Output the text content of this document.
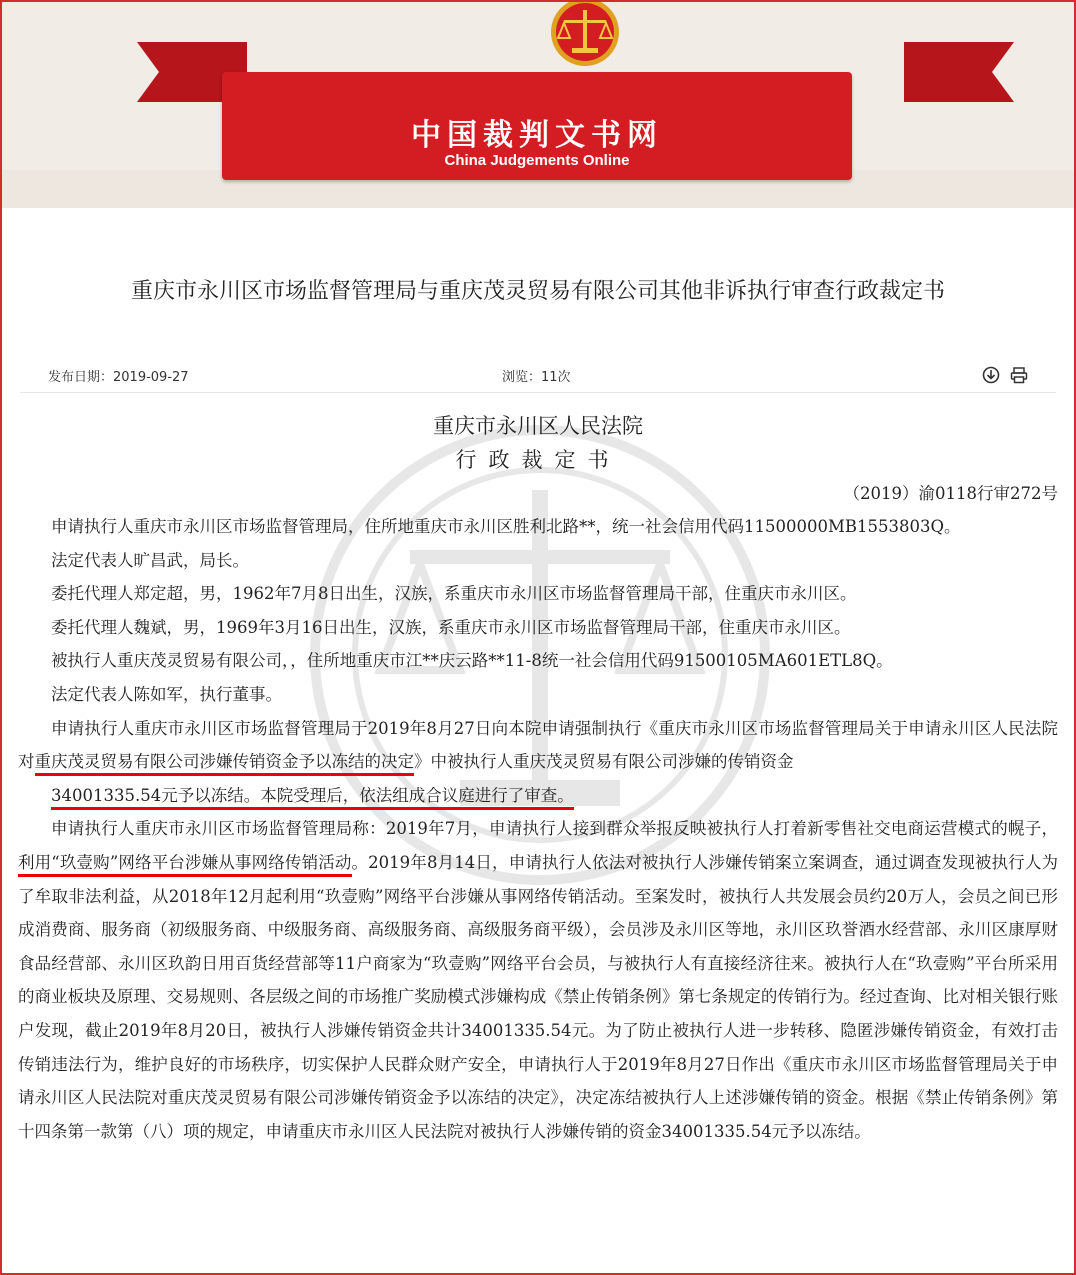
中国裁判文书网
China Judgements Online
重庆市永川区市场监督管理局与重庆茂灵贸易有限公司其他非诉执行审查行政裁定书
发布日期：2019-09-27	浏览：11次
重庆市永川区人民法院
行政裁定书
（2019）渝0118行审272号

申请执行人重庆市永川区市场监督管理局，住所地重庆市永川区胜利北路**，统一社会信用代码11500000MB1553803Q。

法定代表人旷昌武，局长。

委托代理人郑定超，男，1962年7月8日出生，汉族，系重庆市永川区市场监督管理局干部，住重庆市永川区。

委托代理人魏斌，男，1969年3月16日出生，汉族，系重庆市永川区市场监督管理局干部，住重庆市永川区。

被执行人重庆茂灵贸易有限公司，，住所地重庆市江**庆云路**11-8统一社会信用代码91500105MA601ETL8Q。

法定代表人陈如军，执行董事。

申请执行人重庆市永川区市场监督管理局于2019年8月27日向本院申请强制执行《重庆市永川区市场监督管理局关于申请永川区人民法院对重庆茂灵贸易有限公司涉嫌传销资金予以冻结的决定》中被执行人重庆茂灵贸易有限公司涉嫌的传销资金

34001335.54元予以冻结。本院受理后，依法组成合议庭进行了审查。

申请执行人重庆市永川区市场监督管理局称：2019年7月，申请执行人接到群众举报反映被执行人打着新零售社交电商运营模式的幌子，利用“玖壹购”网络平台涉嫌从事网络传销活动。2019年8月14日，申请执行人依法对被执行人涉嫌传销案立案调查，通过调查发现被执行人为了牟取非法利益，从2018年12月起利用“玖壹购”网络平台涉嫌从事网络传销活动。至案发时，被执行人共发展会员约20万人，会员之间已形成消费商、服务商（初级服务商、中级服务商、高级服务商、高级服务商平级），会员涉及永川区等地，永川区玖誉酒水经营部、永川区康厚财食品经营部、永川区玖韵日用百货经营部等11户商家为“玖壹购”网络平台会员，与被执行人有直接经济往来。被执行人在“玖壹购”平台所采用的商业板块及原理、交易规则、各层级之间的市场推广奖励模式涉嫌构成《禁止传销条例》第七条规定的传销行为。经过查询、比对相关银行账户发现，截止2019年8月20日，被执行人涉嫌传销资金共计34001335.54元。为了防止被执行人进一步转移、隐匿涉嫌传销资金，有效打击传销违法行为，维护良好的市场秩序，切实保护人民群众财产安全，申请执行人于2019年8月27日作出《重庆市永川区市场监督管理局关于申请永川区人民法院对重庆茂灵贸易有限公司涉嫌传销资金予以冻结的决定》，决定冻结被执行人上述涉嫌传销的资金。根据《禁止传销条例》第十四条第一款第（八）项的规定，申请重庆市永川区人民法院对被执行人涉嫌传销的资金34001335.54元予以冻结。
